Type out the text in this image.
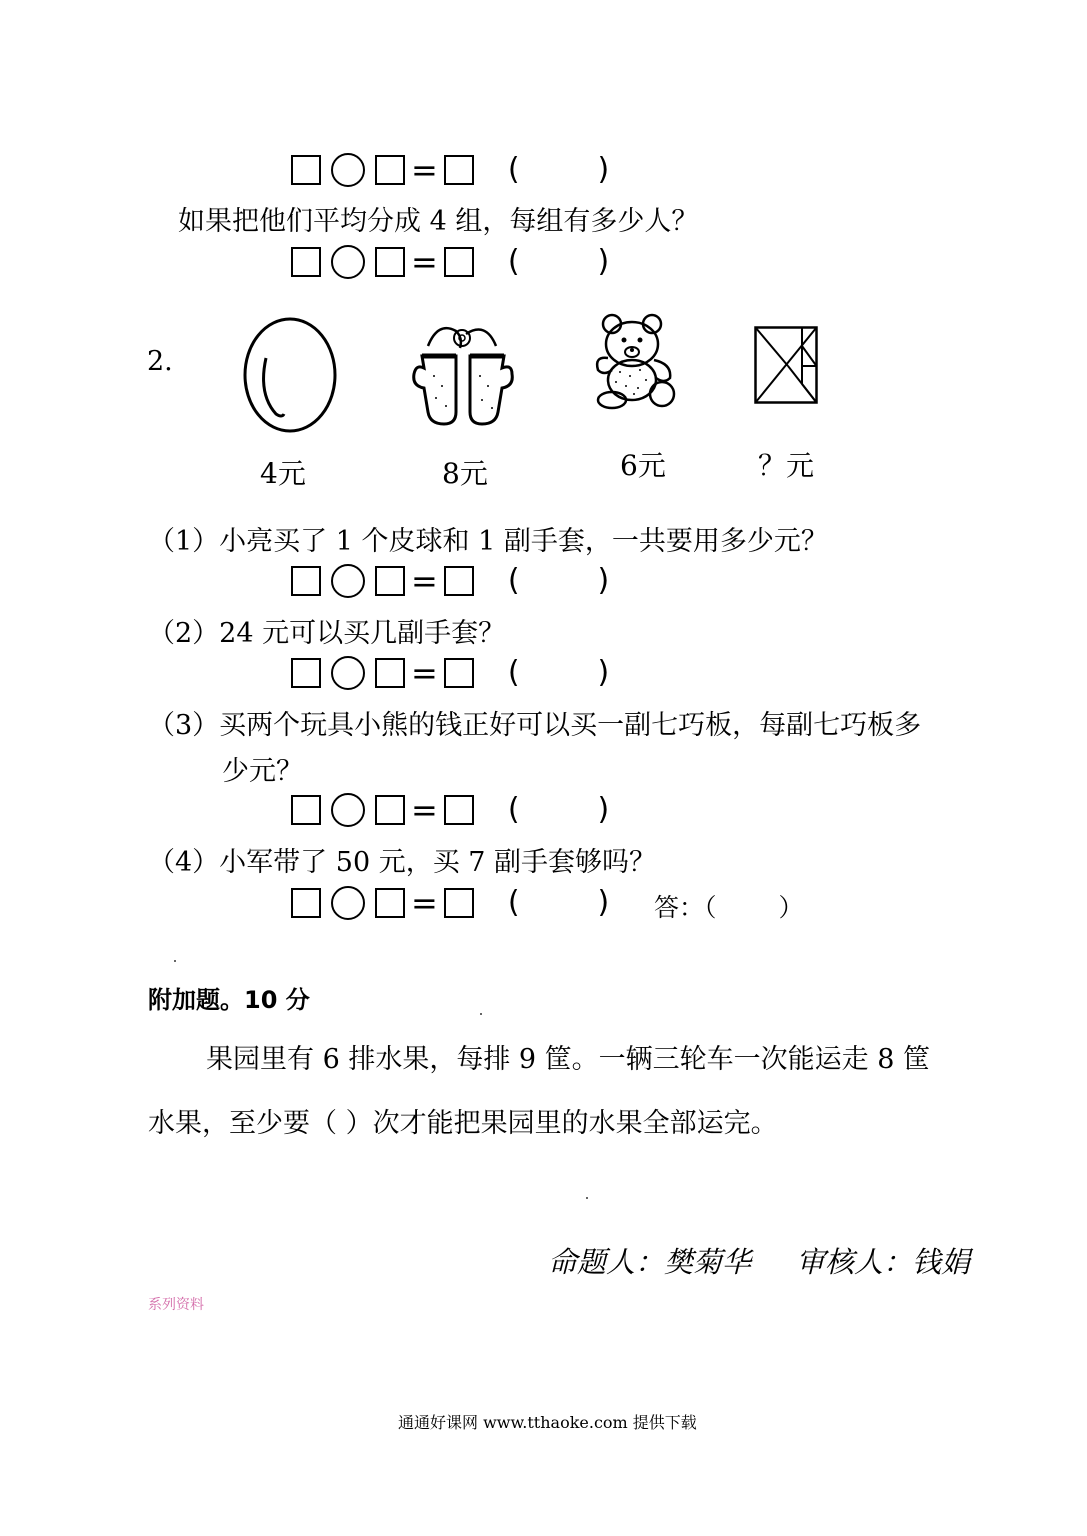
= (	)
如果把他们平均分成 4 组，每组有多少人？
= (	)
2.
4元	8元	6元	？元
（1）小亮买了 1 个皮球和 1 副手套，一共要用多少元？
= (	)
（2）24 元可以买几副手套？
= (	)
（3）买两个玩具小熊的钱正好可以买一副七巧板，每副七巧板多
少元？
= (	)
（4）小军带了 50 元，买 7 副手套够吗？
= (	) 答：（ ）
附加题。10 分
果园里有 6 排水果，每排 9 筐。一辆三轮车一次能运走 8 筐
水果，至少要（ ）次才能把果园里的水果全部运完。
命题人：樊菊华 审核人：钱娟
系列资料
通通好课网 www.tthaoke.com 提供下载
